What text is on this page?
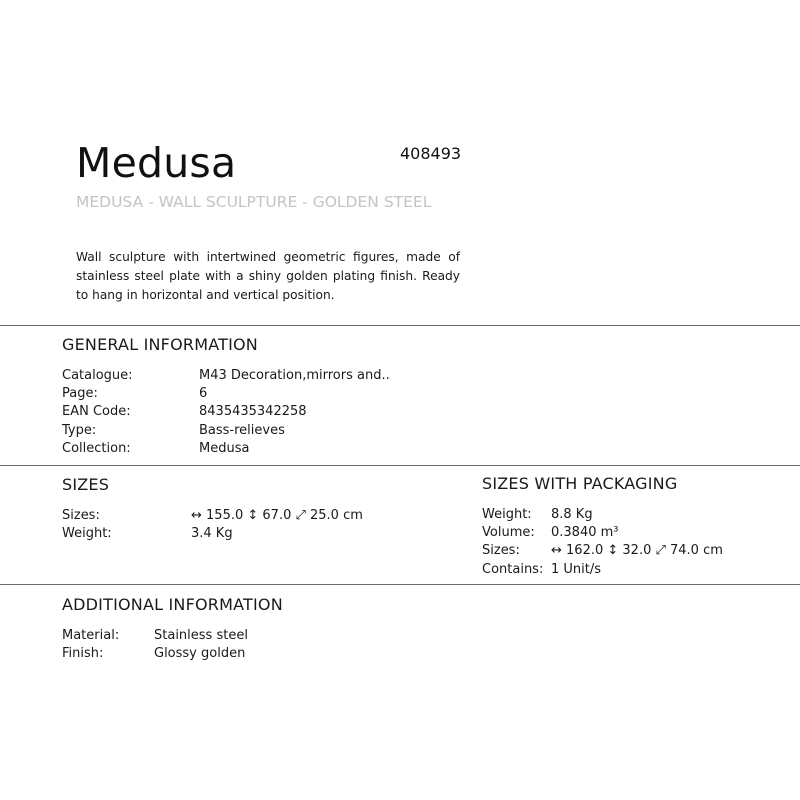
Medusa	408493
MEDUSA - WALL SCULPTURE - GOLDEN STEEL
Wall sculpture with intertwined geometric figures, made of stainless steel plate with a shiny golden plating finish. Ready to hang in horizontal and vertical position.
GENERAL INFORMATION
Catalogue:	M43 Decoration,mirrors and..
Page:	6
EAN Code:	8435435342258
Type:	Bass-relieves
Collection:	Medusa
SIZES
Sizes:	↔ 155.0 ↕ 67.0 ⤢ 25.0 cm
Weight:	3.4 Kg
SIZES WITH PACKAGING
Weight: 8.8 Kg
Volume: 0.3840 m³
Sizes: ↔ 162.0 ↕ 32.0 ⤢ 74.0 cm
Contains: 1 Unit/s
ADDITIONAL INFORMATION
Material:	Stainless steel
Finish:	Glossy golden
